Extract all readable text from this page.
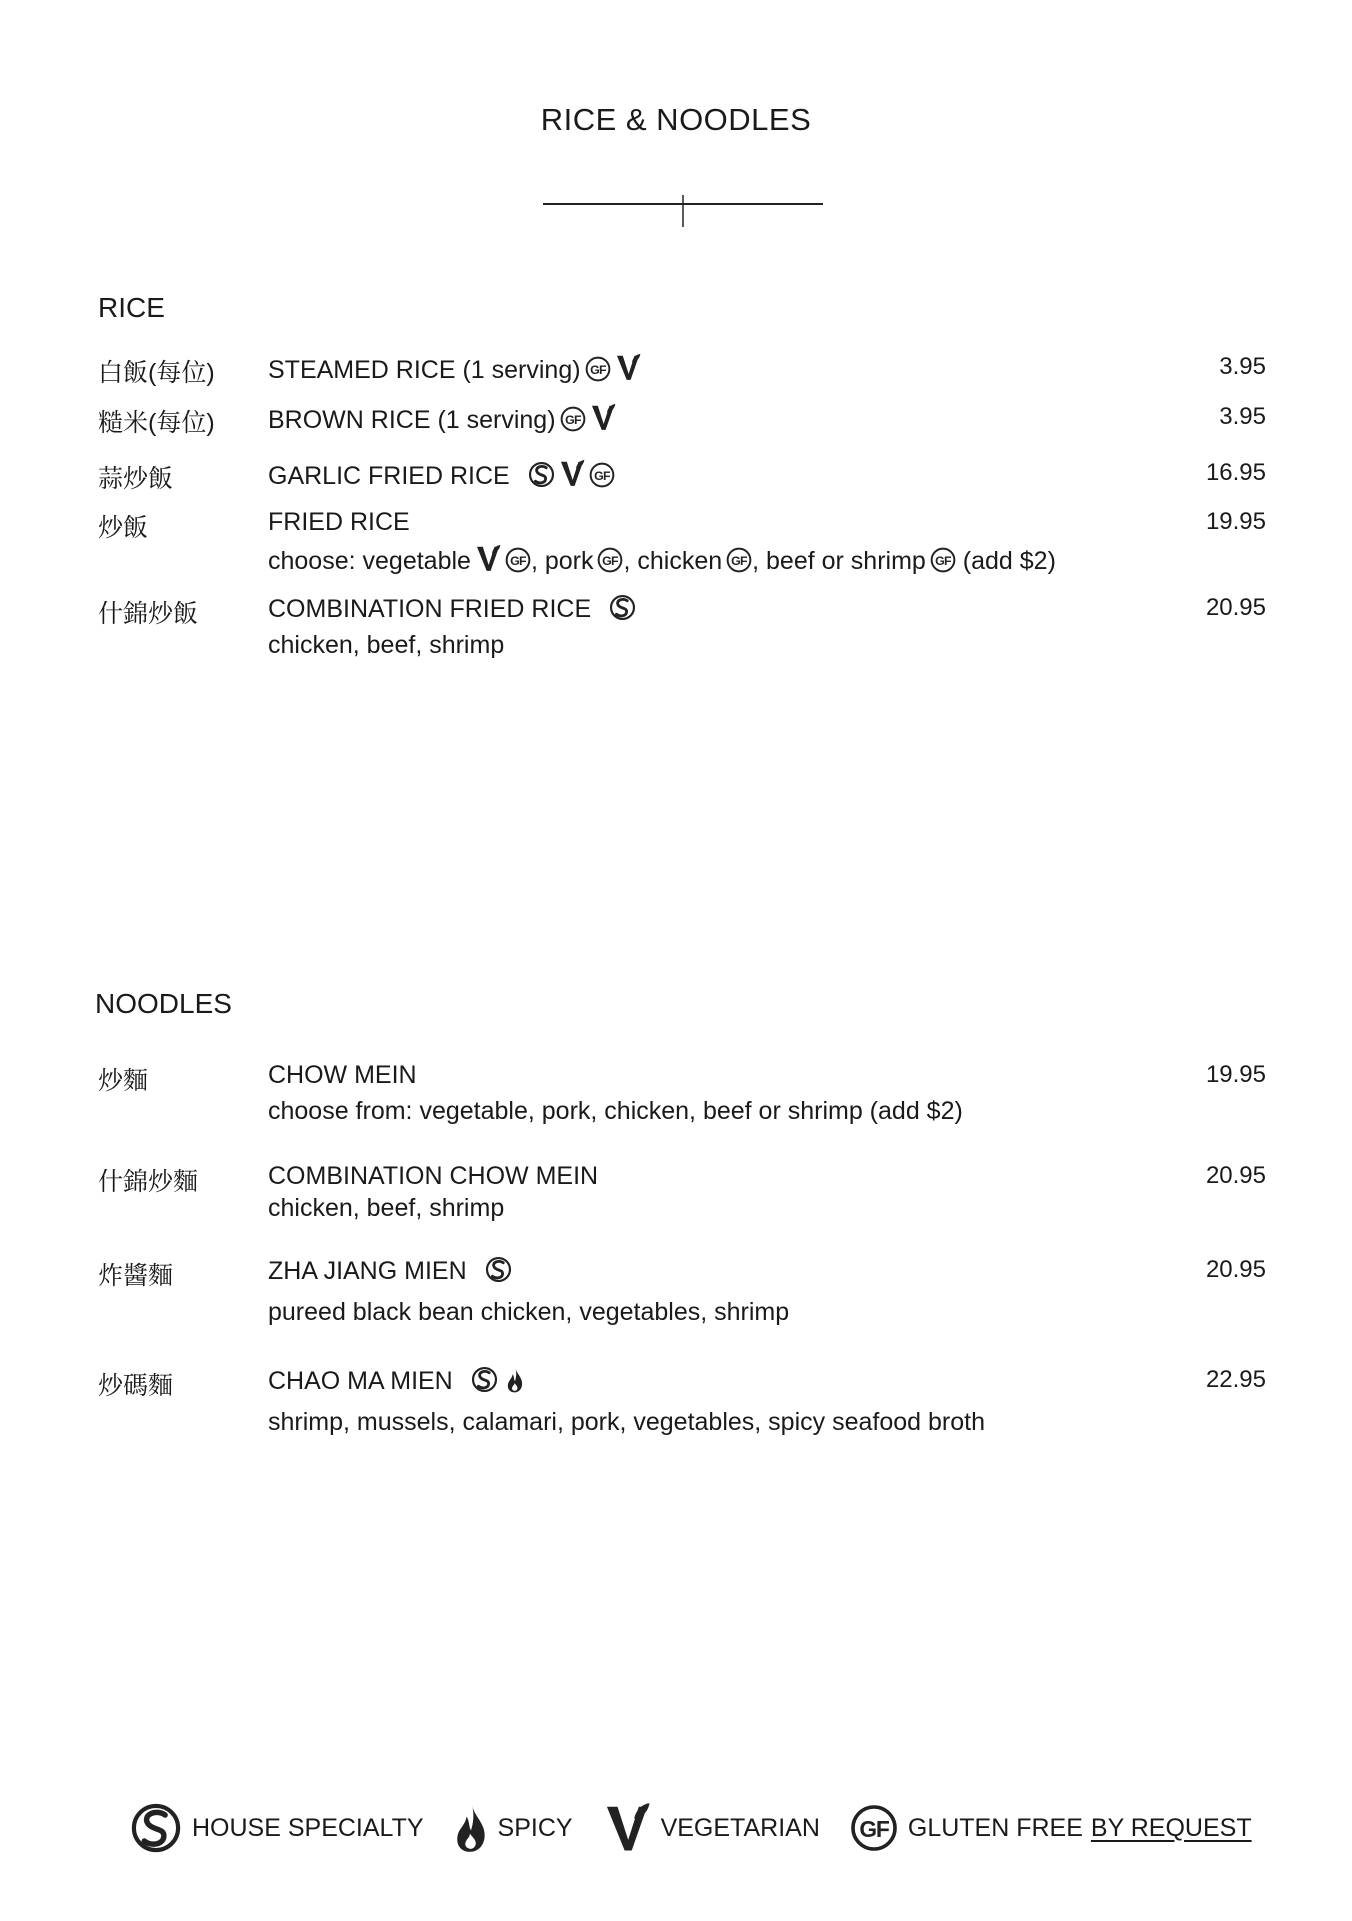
RICE & NOODLES
RICE
白飯(每位) STEAMED RICE (1 serving)	3.95
糙米(每位) BROWN RICE (1 serving)	3.95
蒜炒飯	GARLIC FRIED RICE	16.95
炒飯	FRIED RICE
choose: vegetable , pork , chicken , beef or shrimp (add $2)
19.95
什錦炒飯	COMBINATION FRIED RICE
chicken, beef, shrimp
20.95
NOODLES
炒麵	CHOW MEIN
choose from: vegetable, pork, chicken, beef or shrimp (add $2)
19.95
什錦炒麵	COMBINATION CHOW MEIN
chicken, beef, shrimp
20.95
炸醬麵	ZHA JIANG MIEN
pureed black bean chicken, vegetables, shrimp
20.95
炒碼麵	CHAO MA MIEN
shrimp, mussels, calamari, pork, vegetables, spicy seafood broth
22.95
HOUSE SPECIALTY	SPICY	VEGETARIAN	GLUTEN FREE BY REQUEST
